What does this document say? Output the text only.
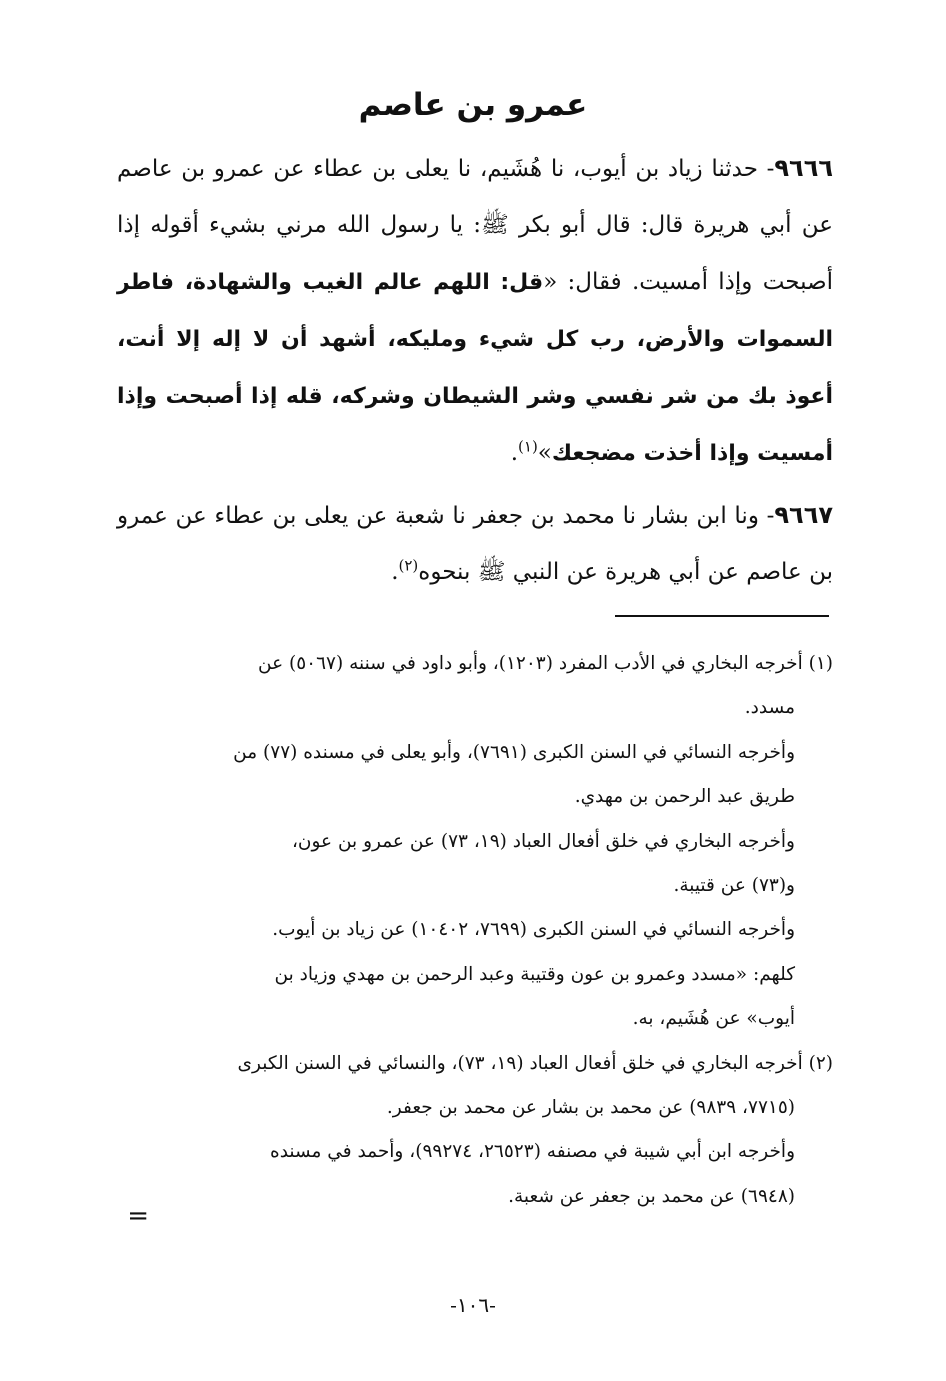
عمرو بن عاصم

٩٦٦٦- حدثنا زياد بن أيوب، نا هُشَيم، نا يعلى بن عطاء عن عمرو بن عاصم عن أبي هريرة قال: قال أبو بكر ﷺ: يا رسول الله مرني بشيء أقوله إذا أصبحت وإذا أمسيت. فقال: «قل: اللهم عالم الغيب والشهادة، فاطر السموات والأرض، رب كل شيء ومليكه، أشهد أن لا إله إلا أنت، أعوذ بك من شر نفسي وشر الشيطان وشركه، قله إذا أصبحت وإذا أمسيت وإذا أخذت مضجعك»$^{(١)}$.

٩٦٦٧- ونا ابن بشار نا محمد بن جعفر نا شعبة عن يعلى بن عطاء عن عمرو بن عاصم عن أبي هريرة عن النبي ﷺ بنحوه$^{(٢)}$.

(١) أخرجه البخاري في الأدب المفرد (١٢٠٣)، وأبو داود في سننه (٥٠٦٧) عن

مسدد.

وأخرجه النسائي في السنن الكبرى (٧٦٩١)، وأبو يعلى في مسنده (٧٧) من

طريق عبد الرحمن بن مهدي.

وأخرجه البخاري في خلق أفعال العباد (١٩، ٧٣) عن عمرو بن عون،

و(٧٣) عن قتيبة.

وأخرجه النسائي في السنن الكبرى (٧٦٩٩، ١٠٤٠٢) عن زياد بن أيوب.

كلهم: «مسدد وعمرو بن عون وقتيبة وعبد الرحمن بن مهدي وزياد بن

أيوب» عن هُشَيم، به.

(٢) أخرجه البخاري في خلق أفعال العباد (١٩، ٧٣)، والنسائي في السنن الكبرى

(٧٧١٥، ٩٨٣٩) عن محمد بن بشار عن محمد بن جعفر.

وأخرجه ابن أبي شيبة في مصنفه (٢٦٥٢٣، ٩٩٢٧٤)، وأحمد في مسنده

(٦٩٤٨) عن محمد بن جعفر عن شعبة.

=
-١٠٦-
